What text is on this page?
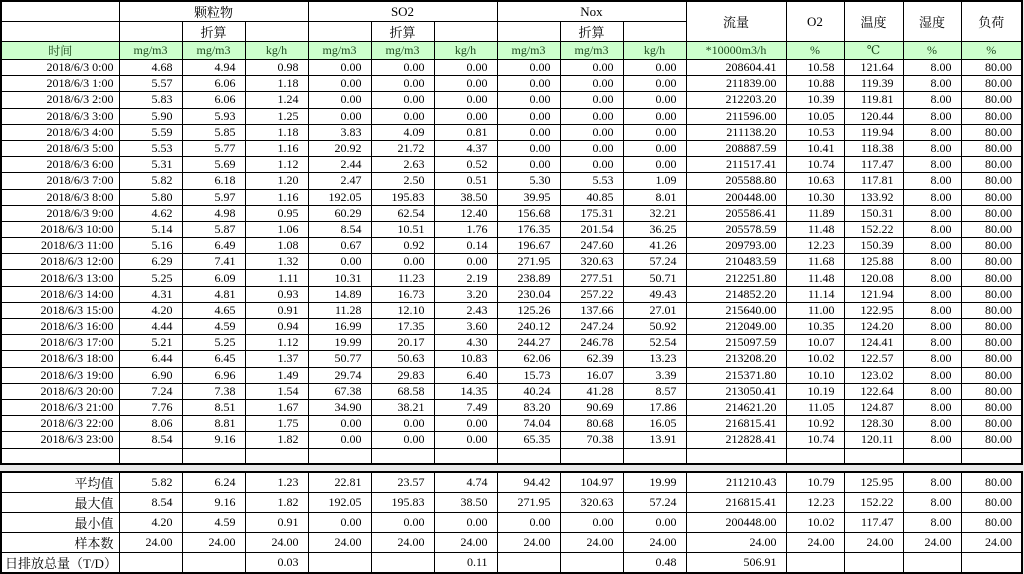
	颗粒物			SO2			Nox			流量	O2	温度	湿度	负荷
		折算			折算			折算						
时间	mg/m3	mg/m3	kg/h	mg/m3	mg/m3	kg/h	mg/m3	mg/m3	kg/h	*10000m3/h	%	℃	%	%
2018/6/3 0:00	4.68	4.94	0.98	0.00	0.00	0.00	0.00	0.00	0.00	208604.41	10.58	121.64	8.00	80.00
2018/6/3 1:00	5.57	6.06	1.18	0.00	0.00	0.00	0.00	0.00	0.00	211839.00	10.88	119.39	8.00	80.00
2018/6/3 2:00	5.83	6.06	1.24	0.00	0.00	0.00	0.00	0.00	0.00	212203.20	10.39	119.81	8.00	80.00
2018/6/3 3:00	5.90	5.93	1.25	0.00	0.00	0.00	0.00	0.00	0.00	211596.00	10.05	120.44	8.00	80.00
2018/6/3 4:00	5.59	5.85	1.18	3.83	4.09	0.81	0.00	0.00	0.00	211138.20	10.53	119.94	8.00	80.00
2018/6/3 5:00	5.53	5.77	1.16	20.92	21.72	4.37	0.00	0.00	0.00	208887.59	10.41	118.38	8.00	80.00
2018/6/3 6:00	5.31	5.69	1.12	2.44	2.63	0.52	0.00	0.00	0.00	211517.41	10.74	117.47	8.00	80.00
2018/6/3 7:00	5.82	6.18	1.20	2.47	2.50	0.51	5.30	5.53	1.09	205588.80	10.63	117.81	8.00	80.00
2018/6/3 8:00	5.80	5.97	1.16	192.05	195.83	38.50	39.95	40.85	8.01	200448.00	10.30	133.92	8.00	80.00
2018/6/3 9:00	4.62	4.98	0.95	60.29	62.54	12.40	156.68	175.31	32.21	205586.41	11.89	150.31	8.00	80.00
2018/6/3 10:00	5.14	5.87	1.06	8.54	10.51	1.76	176.35	201.54	36.25	205578.59	11.48	152.22	8.00	80.00
2018/6/3 11:00	5.16	6.49	1.08	0.67	0.92	0.14	196.67	247.60	41.26	209793.00	12.23	150.39	8.00	80.00
2018/6/3 12:00	6.29	7.41	1.32	0.00	0.00	0.00	271.95	320.63	57.24	210483.59	11.68	125.88	8.00	80.00
2018/6/3 13:00	5.25	6.09	1.11	10.31	11.23	2.19	238.89	277.51	50.71	212251.80	11.48	120.08	8.00	80.00
2018/6/3 14:00	4.31	4.81	0.93	14.89	16.73	3.20	230.04	257.22	49.43	214852.20	11.14	121.94	8.00	80.00
2018/6/3 15:00	4.20	4.65	0.91	11.28	12.10	2.43	125.26	137.66	27.01	215640.00	11.00	122.95	8.00	80.00
2018/6/3 16:00	4.44	4.59	0.94	16.99	17.35	3.60	240.12	247.24	50.92	212049.00	10.35	124.20	8.00	80.00
2018/6/3 17:00	5.21	5.25	1.12	19.99	20.17	4.30	244.27	246.78	52.54	215097.59	10.07	124.41	8.00	80.00
2018/6/3 18:00	6.44	6.45	1.37	50.77	50.63	10.83	62.06	62.39	13.23	213208.20	10.02	122.57	8.00	80.00
2018/6/3 19:00	6.90	6.96	1.49	29.74	29.83	6.40	15.73	16.07	3.39	215371.80	10.10	123.02	8.00	80.00
2018/6/3 20:00	7.24	7.38	1.54	67.38	68.58	14.35	40.24	41.28	8.57	213050.41	10.19	122.64	8.00	80.00
2018/6/3 21:00	7.76	8.51	1.67	34.90	38.21	7.49	83.20	90.69	17.86	214621.20	11.05	124.87	8.00	80.00
2018/6/3 22:00	8.06	8.81	1.75	0.00	0.00	0.00	74.04	80.68	16.05	216815.41	10.92	128.30	8.00	80.00
2018/6/3 23:00	8.54	9.16	1.82	0.00	0.00	0.00	65.35	70.38	13.91	212828.41	10.74	120.11	8.00	80.00

平均值	5.82	6.24	1.23	22.81	23.57	4.74	94.42	104.97	19.99	211210.43	10.79	125.95	8.00	80.00
最大值	8.54	9.16	1.82	192.05	195.83	38.50	271.95	320.63	57.24	216815.41	12.23	152.22	8.00	80.00
最小值	4.20	4.59	0.91	0.00	0.00	0.00	0.00	0.00	0.00	200448.00	10.02	117.47	8.00	80.00
样本数	24.00	24.00	24.00	24.00	24.00	24.00	24.00	24.00	24.00	24.00	24.00	24.00	24.00	24.00
日排放总量（T/D）			0.03			0.11			0.48	506.91				
